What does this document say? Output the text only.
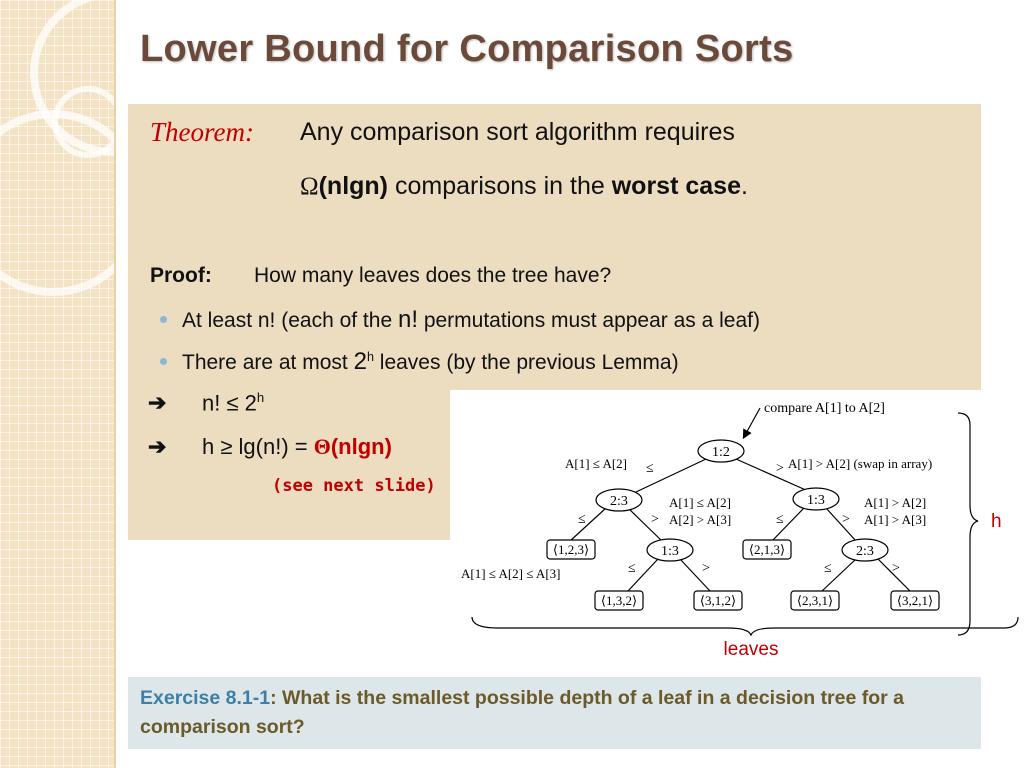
Lower Bound for Comparison Sorts
Theorem: Any comparison sort algorithm requires
Ω(nlgn) comparisons in the worst case.
Proof: How many leaves does the tree have?
At least n! (each of the n! permutations must appear as a leaf)
There are at most 2$^h$ leaves (by the previous Lemma)
➔ n! ≤ $2^h$
➔ h ≥ lg(n!) = Θ(nlgn)
(see next slide)
compare A[1] to A[2]
1:2
2:3	1:3
1:3	2:3
⟨1,2,3⟩	⟨2,1,3⟩
⟨1,3,2⟩	⟨3,1,2⟩	⟨2,3,1⟩	⟨3,2,1⟩
≤	>
≤	>	≤	>
≤	>	≤	>
A[1] ≤ A[2]	A[1] > A[2] (swap in array)
A[1] ≤ A[2]
A[2] > A[3]
A[1] > A[2]
A[1] > A[3]
A[1] ≤ A[2] ≤ A[3]
leaves
h
Exercise 8.1-1: What is the smallest possible depth of a leaf in a decision tree for a comparison sort?
